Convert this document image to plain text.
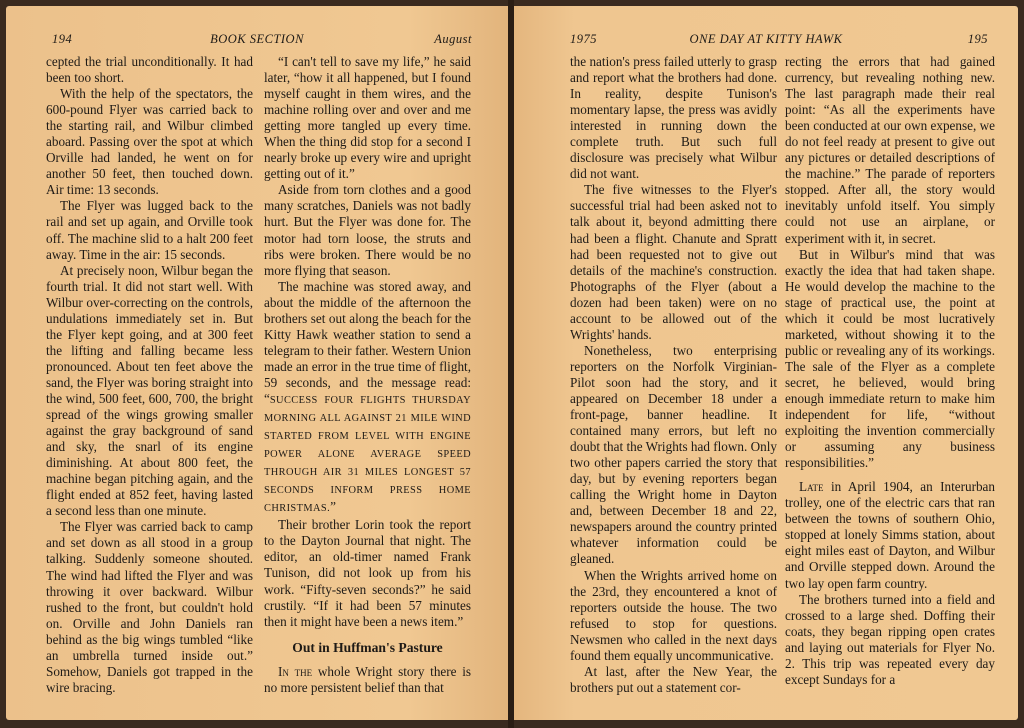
194	BOOK SECTION	August

cepted the trial unconditionally. It had been too short.

With the help of the spectators, the 600-pound Flyer was carried back to the starting rail, and Wilbur climbed aboard. Passing over the spot at which Orville had landed, he went on for another 50 feet, then touched down. Air time: 13 seconds.

The Flyer was lugged back to the rail and set up again, and Orville took off. The machine slid to a halt 200 feet away. Time in the air: 15 seconds.

At precisely noon, Wilbur began the fourth trial. It did not start well. With Wilbur over-correcting on the controls, undulations immediately set in. But the Flyer kept going, and at 300 feet the lifting and falling became less pronounced. About ten feet above the sand, the Flyer was boring straight into the wind, 500 feet, 600, 700, the bright spread of the wings growing smaller against the gray background of sand and sky, the snarl of its engine diminishing. At about 800 feet, the machine began pitching again, and the flight ended at 852 feet, having lasted a second less than one minute.

The Flyer was carried back to camp and set down as all stood in a group talking. Suddenly someone shouted. The wind had lifted the Flyer and was throwing it over backward. Wilbur rushed to the front, but couldn't hold on. Orville and John Daniels ran behind as the big wings tumbled “like an umbrella turned inside out.” Somehow, Daniels got trapped in the wire bracing.

“I can't tell to save my life,” he said later, “how it all happened, but I found myself caught in them wires, and the machine rolling over and over and me getting more tangled up every time. When the thing did stop for a second I nearly broke up every wire and upright getting out of it.”

Aside from torn clothes and a good many scratches, Daniels was not badly hurt. But the Flyer was done for. The motor had torn loose, the struts and ribs were broken. There would be no more flying that season.

The machine was stored away, and about the middle of the afternoon the brothers set out along the beach for the Kitty Hawk weather station to send a telegram to their father. Western Union made an error in the true time of flight, 59 seconds, and the message read: “SUCCESS FOUR FLIGHTS THURSDAY MORNING ALL AGAINST 21 MILE WIND STARTED FROM LEVEL WITH ENGINE POWER ALONE AVERAGE SPEED THROUGH AIR 31 MILES LONGEST 57 SECONDS INFORM PRESS HOME CHRISTMAS.”

Their brother Lorin took the report to the Dayton Journal that night. The editor, an old-timer named Frank Tunison, did not look up from his work. “Fifty-seven seconds?” he said crustily. “If it had been 57 minutes then it might have been a news item.”

Out in Huffman's Pasture

In the whole Wright story there is no more persistent belief than that

1975	ONE DAY AT KITTY HAWK	195

the nation's press failed utterly to grasp and report what the brothers had done. In reality, despite Tunison's momentary lapse, the press was avidly interested in running down the complete truth. But such full disclosure was precisely what Wilbur did not want.

The five witnesses to the Flyer's successful trial had been asked not to talk about it, beyond admitting there had been a flight. Chanute and Spratt had been requested not to give out details of the machine's construction. Photographs of the Flyer (about a dozen had been taken) were on no account to be allowed out of the Wrights' hands.

Nonetheless, two enterprising reporters on the Norfolk Virginian-Pilot soon had the story, and it appeared on December 18 under a front-page, banner headline. It contained many errors, but left no doubt that the Wrights had flown. Only two other papers carried the story that day, but by evening reporters began calling the Wright home in Dayton and, between December 18 and 22, newspapers around the country printed whatever information could be gleaned.

When the Wrights arrived home on the 23rd, they encountered a knot of reporters outside the house. The two refused to stop for questions. Newsmen who called in the next days found them equally uncommunicative.

At last, after the New Year, the brothers put out a statement cor-

recting the errors that had gained currency, but revealing nothing new. The last paragraph made their real point: “As all the experiments have been conducted at our own expense, we do not feel ready at present to give out any pictures or detailed descriptions of the machine.” The parade of reporters stopped. After all, the story would inevitably unfold itself. You simply could not use an airplane, or experiment with it, in secret.

But in Wilbur's mind that was exactly the idea that had taken shape. He would develop the machine to the stage of practical use, the point at which it could be most lucratively marketed, without showing it to the public or revealing any of its workings. The sale of the Flyer as a complete secret, he believed, would bring enough immediate return to make him independent for life, “without exploiting the invention commercially or assuming any business responsibilities.”

Late in April 1904, an Interurban trolley, one of the electric cars that ran between the towns of southern Ohio, stopped at lonely Simms station, about eight miles east of Dayton, and Wilbur and Orville stepped down. Around the two lay open farm country.

The brothers turned into a field and crossed to a large shed. Doffing their coats, they began ripping open crates and laying out materials for Flyer No. 2. This trip was repeated every day except Sundays for a
